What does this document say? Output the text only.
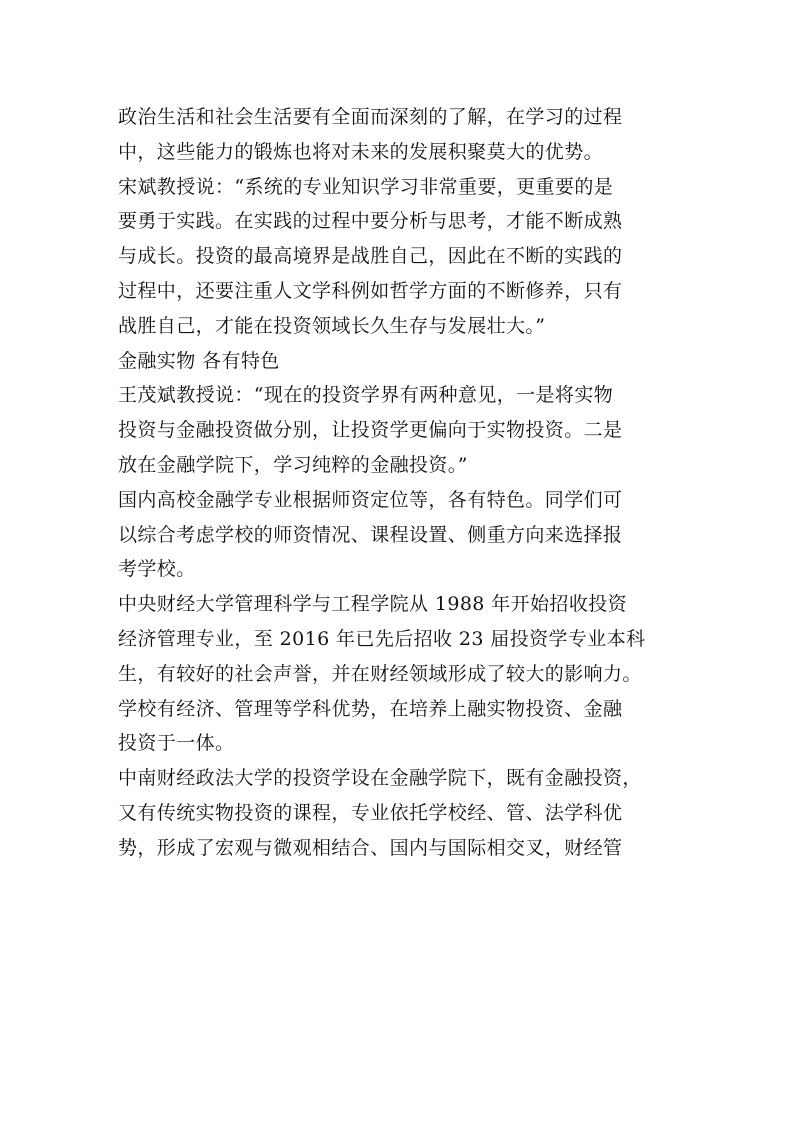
政治生活和社会生活要有全面而深刻的了解，在学习的过程
中，这些能力的锻炼也将对未来的发展积聚莫大的优势。
宋斌教授说：“系统的专业知识学习非常重要，更重要的是
要勇于实践。在实践的过程中要分析与思考，才能不断成熟
与成长。投资的最高境界是战胜自己，因此在不断的实践的
过程中，还要注重人文学科例如哲学方面的不断修养，只有
战胜自己，才能在投资领域长久生存与发展壮大。”
金融实物 各有特色
王茂斌教授说：“现在的投资学界有两种意见，一是将实物
投资与金融投资做分别，让投资学更偏向于实物投资。二是
放在金融学院下，学习纯粹的金融投资。”
国内高校金融学专业根据师资定位等，各有特色。同学们可
以综合考虑学校的师资情况、课程设置、侧重方向来选择报
考学校。
中央财经大学管理科学与工程学院从 1988 年开始招收投资
经济管理专业，至 2016 年已先后招收 23 届投资学专业本科
生，有较好的社会声誉，并在财经领域形成了较大的影响力。
学校有经济、管理等学科优势，在培养上融实物投资、金融
投资于一体。
中南财经政法大学的投资学设在金融学院下，既有金融投资，
又有传统实物投资的课程，专业依托学校经、管、法学科优
势，形成了宏观与微观相结合、国内与国际相交叉，财经管
